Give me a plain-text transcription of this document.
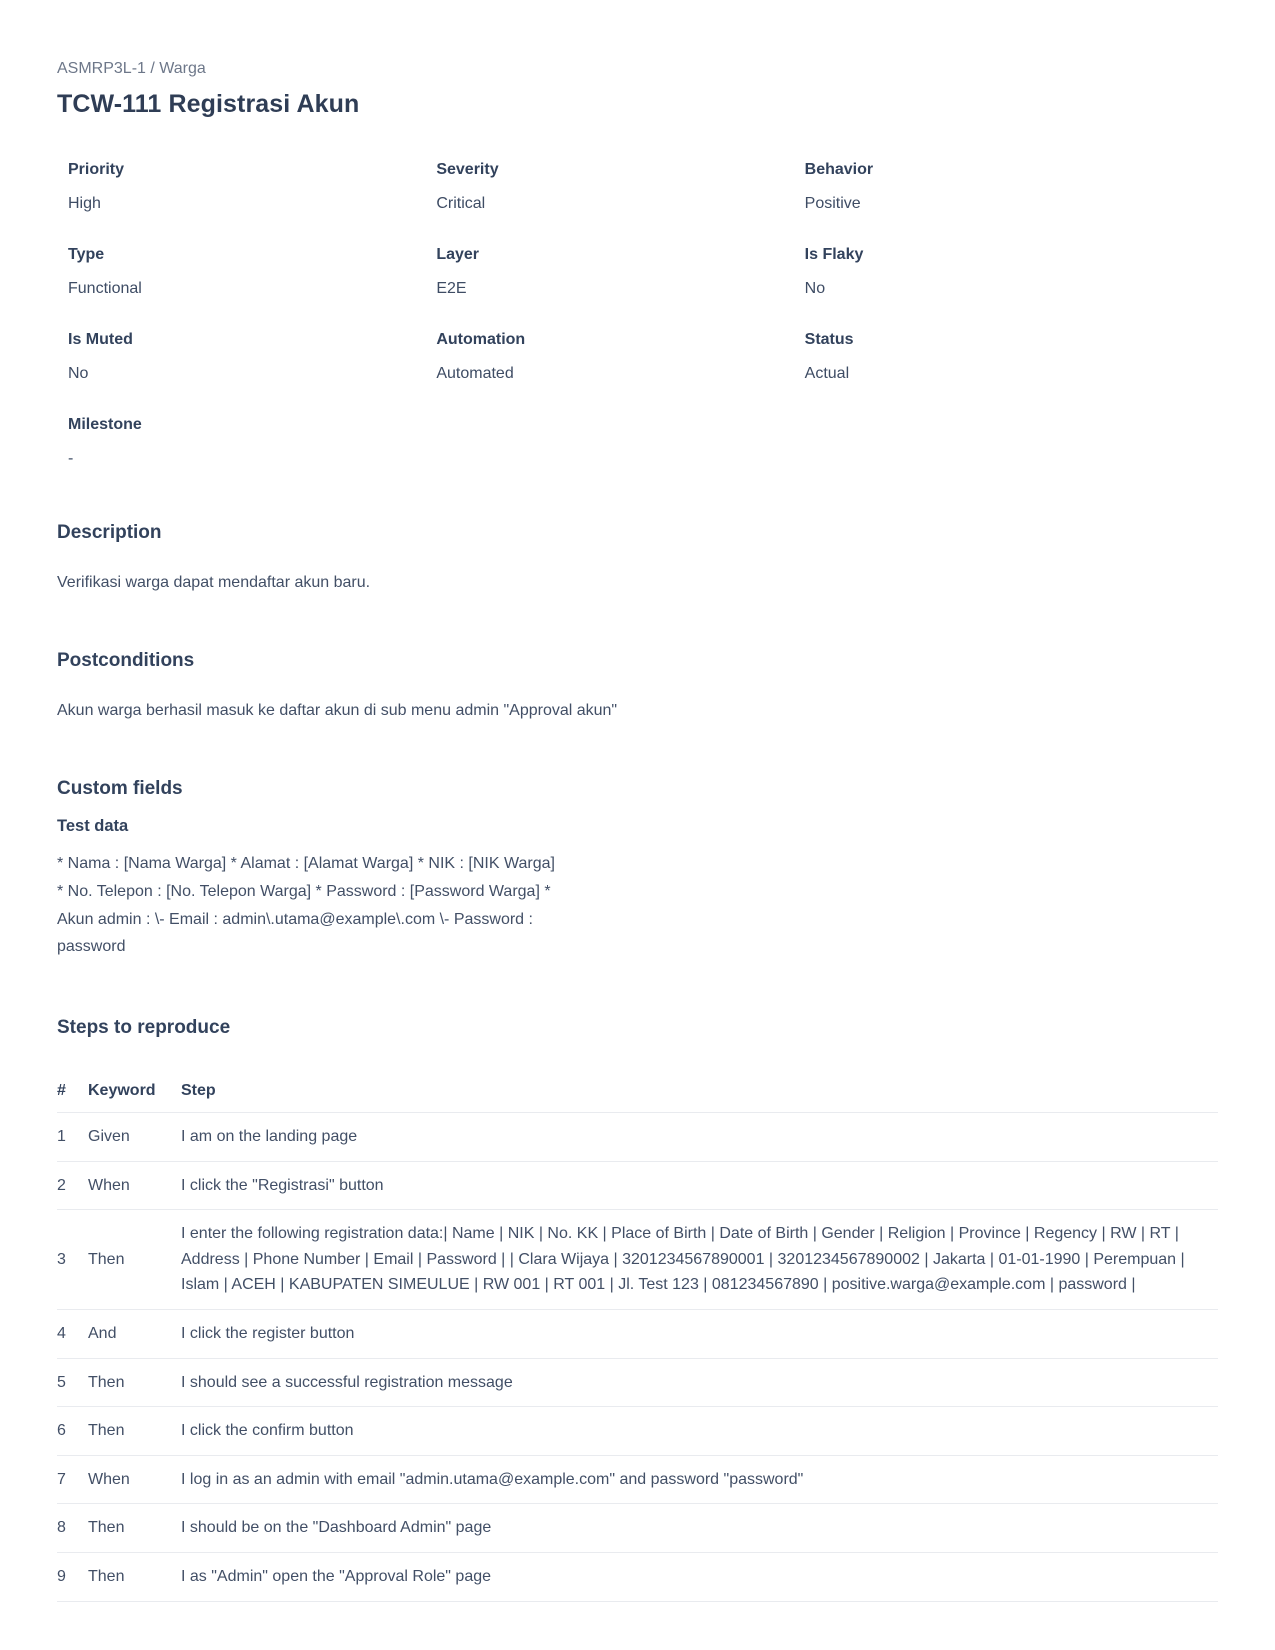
ASMRP3L-1 / Warga
TCW-111 Registrasi Akun
Priority
High
Severity
Critical
Behavior
Positive
Type
Functional
Layer
E2E
Is Flaky
No
Is Muted
No
Automation
Automated
Status
Actual
Milestone
-
Description

Verifikasi warga dapat mendaftar akun baru.

Postconditions

Akun warga berhasil masuk ke daftar akun di sub menu admin "Approval akun"

Custom fields
Test data

* Nama : [Nama Warga] * Alamat : [Alamat Warga] * NIK : [NIK Warga] * No. Telepon : [No. Telepon Warga] * Password : [Password Warga] * Akun admin : \- Email : admin\.utama@example\.com \- Password : password

Steps to reproduce
#	Keyword	Step
1	Given	I am on the landing page
2	When	I click the "Registrasi" button
3	Then	I enter the following registration data:| Name | NIK | No. KK | Place of Birth | Date of Birth | Gender | Religion | Province | Regency | RW | RT | Address | Phone Number | Email | Password | | Clara Wijaya | 3201234567890001 | 3201234567890002 | Jakarta | 01-01-1990 | Perempuan | Islam | ACEH | KABUPATEN SIMEULUE | RW 001 | RT 001 | Jl. Test 123 | 081234567890 | positive.warga@example.com | password |
4	And	I click the register button
5	Then	I should see a successful registration message
6	Then	I click the confirm button
7	When	I log in as an admin with email "admin.utama@example.com" and password "password"
8	Then	I should be on the "Dashboard Admin" page
9	Then	I as "Admin" open the "Approval Role" page
